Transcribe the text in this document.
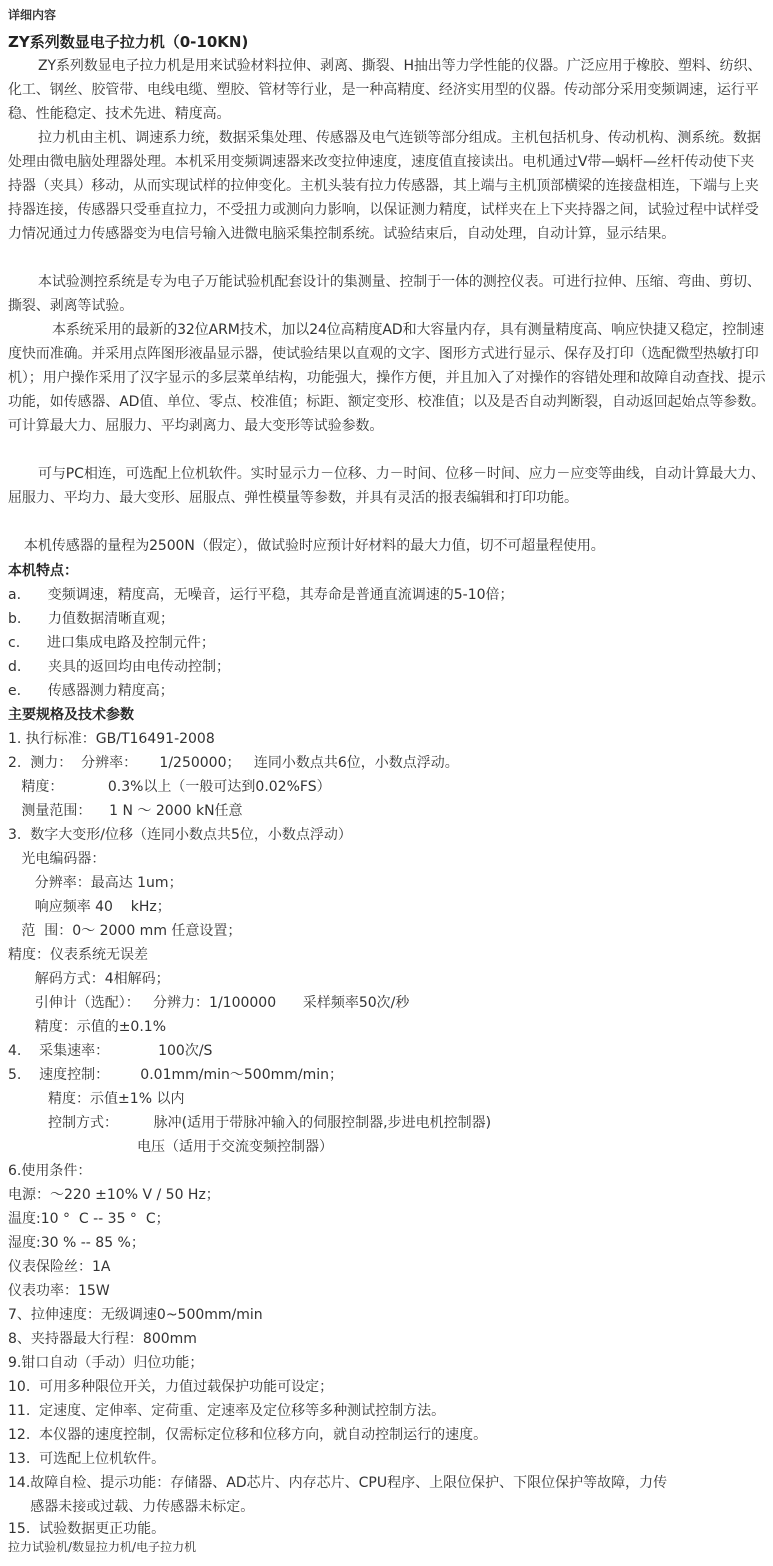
详细内容
ZY系列数显电子拉力机（0-10KN)
ZY系列数显电子拉力机是用来试验材料拉伸、剥离、撕裂、H抽出等力学性能的仪器。广泛应用于橡胶、塑料、纺织、化工、钢丝、胶管带、电线电缆、塑胶、管材等行业，是一种高精度、经济实用型的仪器。传动部分采用变频调速，运行平稳、性能稳定、技术先进、精度高。
拉力机由主机、调速系力统，数据采集处理、传感器及电气连锁等部分组成。主机包括机身、传动机构、测系统。数据处理由微电脑处理器处理。本机采用变频调速器来改变拉伸速度，速度值直接读出。电机通过V带—蜗杆—丝杆传动使下夹持器（夹具）移动，从而实现试样的拉伸变化。主机头装有拉力传感器，其上端与主机顶部横梁的连接盘相连，下端与上夹持器连接，传感器只受垂直拉力，不受扭力或测向力影响，以保证测力精度，试样夹在上下夹持器之间，试验过程中试样受力情况通过力传感器变为电信号输入进微电脑采集控制系统。试验结束后，自动处理，自动计算，显示结果。
本试验测控系统是专为电子万能试验机配套设计的集测量、控制于一体的测控仪表。可进行拉伸、压缩、弯曲、剪切、撕裂、剥离等试验。
本系统采用的最新的32位ARM技术，加以24位高精度AD和大容量内存，具有测量精度高、响应快捷又稳定，控制速度快而准确。并采用点阵图形液晶显示器，使试验结果以直观的文字、图形方式进行显示、保存及打印（选配微型热敏打印机）；用户操作采用了汉字显示的多层菜单结构，功能强大，操作方便，并且加入了对操作的容错处理和故障自动查找、提示功能，如传感器、AD值、单位、零点、校准值；标距、额定变形、校准值；以及是否自动判断裂，自动返回起始点等参数。可计算最大力、屈服力、平均剥离力、最大变形等试验参数。
可与PC相连，可选配上位机软件。实时显示力－位移、力－时间、位移－时间、应力－应变等曲线，自动计算最大力、屈服力、平均力、最大变形、屈服点、弹性模量等参数，并具有灵活的报表编辑和打印功能。
本机传感器的量程为2500N（假定），做试验时应预计好材料的最大力值，切不可超量程使用。
本机特点：
a.      变频调速，精度高，无噪音，运行平稳，其寿命是普通直流调速的5-10倍；
b.      力值数据清晰直观；
c.      进口集成电路及控制元件；
d.      夹具的返回均由电传动控制；
e.      传感器测力精度高；
主要规格及技术参数
1. 执行标准：GB/T16491-2008
2.  测力：  分辨率：     1/250000；   连同小数点共6位，小数点浮动。
精度：          0.3%以上（一般可达到0.02%FS）
测量范围：    1 N ～ 2000 kN任意
3.  数字大变形/位移（连同小数点共5位，小数点浮动）
光电编码器：
分辨率：最高达 1um；
响应频率 40    kHz；
范  围：0～ 2000 mm 任意设置；
精度：仪表系统无误差
解码方式：4相解码；
引伸计（选配）：   分辨力：1/100000      采样频率50次/秒
精度：示值的±0.1%
4.    采集速率：           100次/S
5.    速度控制：       0.01mm/min～500mm/min；
精度：示值±1% 以内
控制方式：        脉冲(适用于带脉冲输入的伺服控制器,步进电机控制器)
电压（适用于交流变频控制器）
6.使用条件：
电源：～220 ±10% V / 50 Hz；
温度:10 °  C -- 35 °  C；
湿度:30 % -- 85 %；
仪表保险丝：1A
仪表功率：15W
7、拉伸速度：无级调速0~500mm/min
8、夹持器最大行程：800mm
9.钳口自动（手动）归位功能；
10.  可用多种限位开关，力值过载保护功能可设定；
11.  定速度、定伸率、定荷重、定速率及定位移等多种测试控制方法。
12.  本仪器的速度控制，仅需标定位移和位移方向，就自动控制运行的速度。
13.  可选配上位机软件。
14.故障自检、提示功能：存储器、AD芯片、内存芯片、CPU程序、上限位保护、下限位保护等故障，力传
感器未接或过载、力传感器未标定。
15.  试验数据更正功能。
拉力试验机/数显拉力机/电子拉力机
